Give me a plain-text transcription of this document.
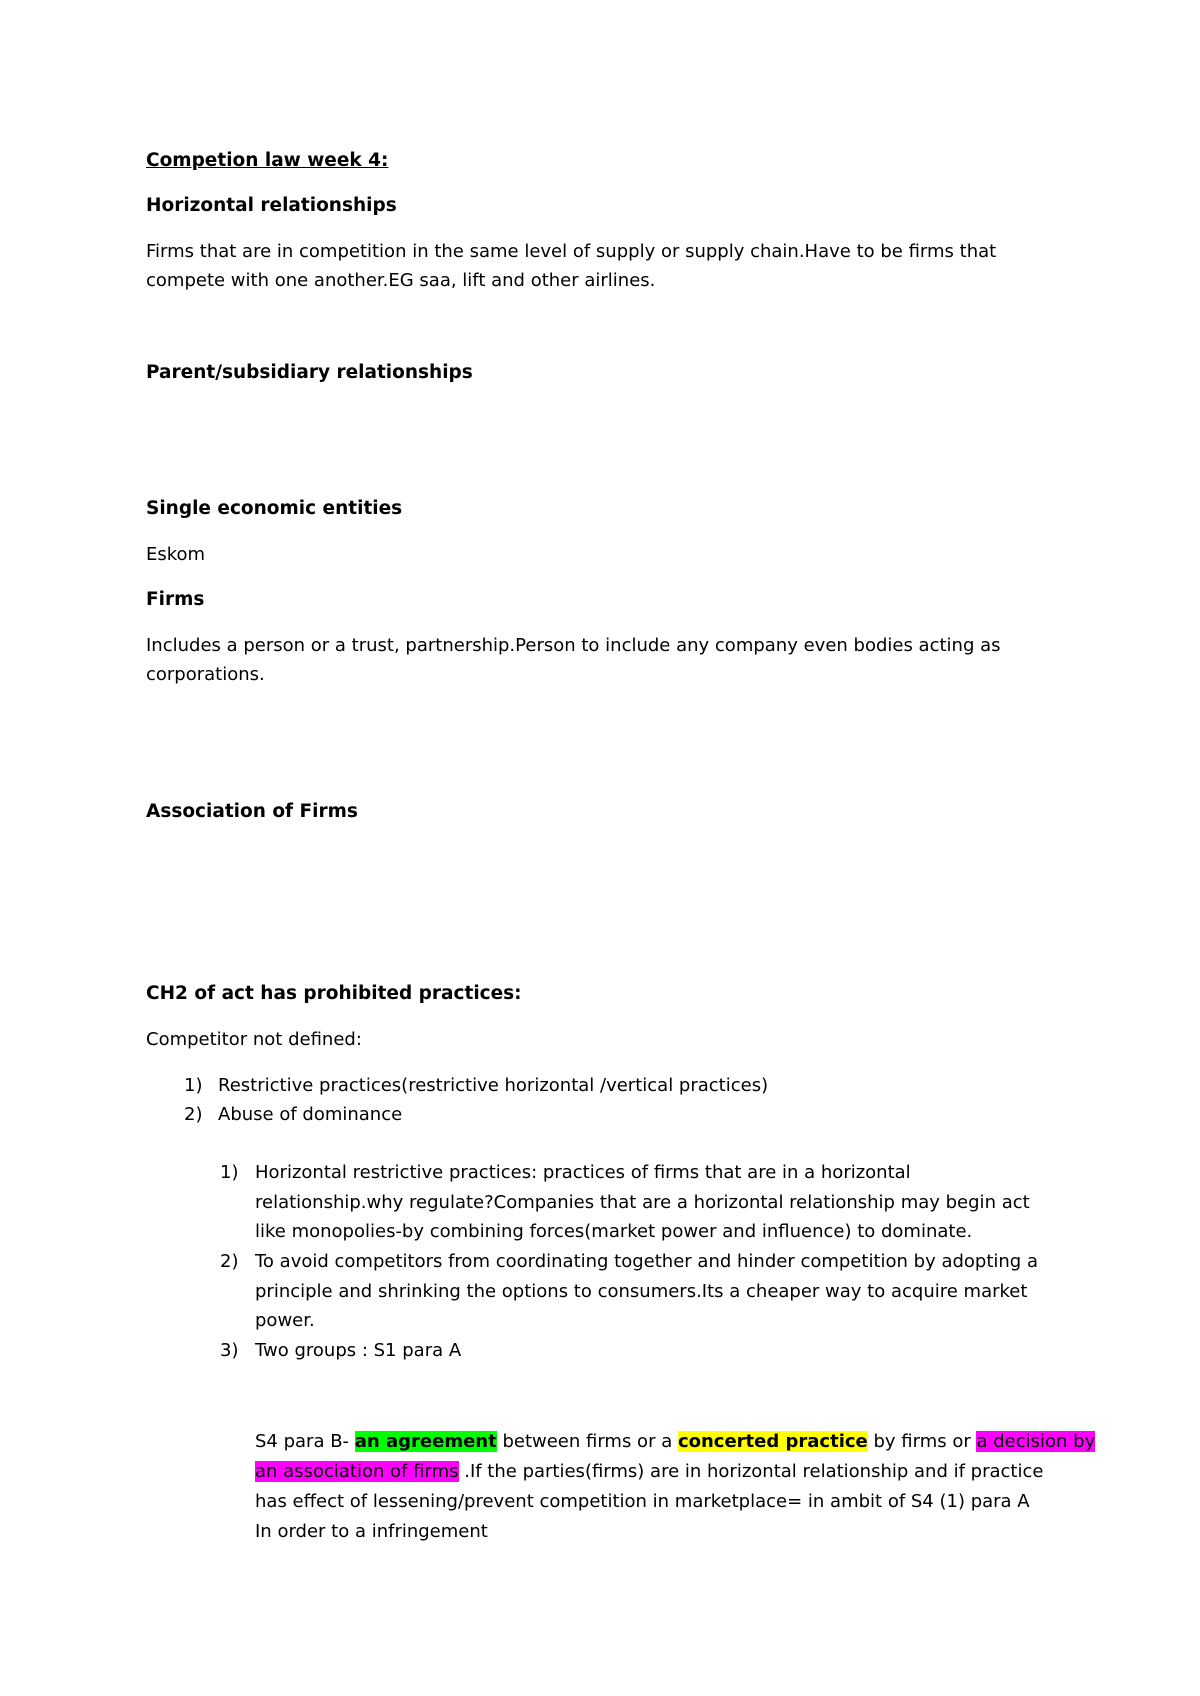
Competion law week 4:
Horizontal relationships
Firms that are in competition in the same level of supply or supply chain.Have to be firms that
compete with one another.EG saa, lift and other airlines.
Parent/subsidiary relationships
Single economic entities
Eskom
Firms
Includes a person or a trust, partnership.Person to include any company even bodies acting as
corporations.
Association of Firms
CH2 of act has prohibited practices:
Competitor not defined:
1) Restrictive practices(restrictive horizontal /vertical practices)
2) Abuse of dominance
1) Horizontal restrictive practices: practices of firms that are in a horizontal
relationship.why regulate?Companies that are a horizontal relationship may begin act
like monopolies-by combining forces(market power and influence) to dominate.
2) To avoid competitors from coordinating together and hinder competition by adopting a
principle and shrinking the options to consumers.Its a cheaper way to acquire market
power.
3) Two groups : S1 para A
S4 para B- an agreement between firms or a concerted practice by firms or a decision by
an association of firms .If the parties(firms) are in horizontal relationship and if practice
has effect of lessening/prevent competition in marketplace= in ambit of S4 (1) para A
In order to a infringement
